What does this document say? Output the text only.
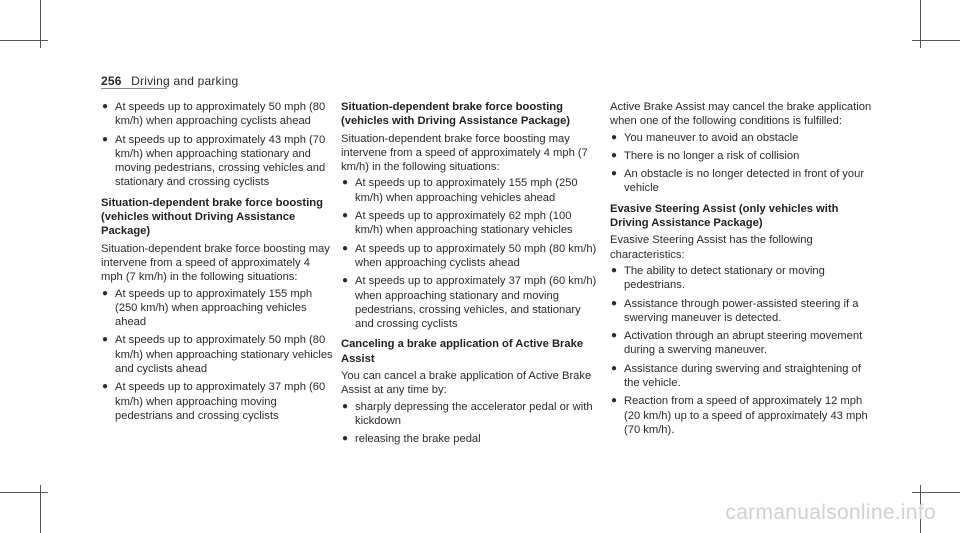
256 Driving and parking
● At speeds up to approximately 50 mph (80 km/h) when approaching cyclists ahead
● At speeds up to approximately 43 mph (70 km/h) when approaching stationary and moving pedestrians, crossing vehicles and stationary and crossing cyclists
Situation-dependent brake force boosting (vehicles without Driving Assistance Package)

Situation-dependent brake force boosting may intervene from a speed of approximately 4 mph (7 km/h) in the following situations:

● At speeds up to approximately 155 mph (250 km/h) when approaching vehicles ahead
● At speeds up to approximately 50 mph (80 km/h) when approaching stationary vehicles and cyclists ahead
● At speeds up to approximately 37 mph (60 km/h) when approaching moving pedestrians and crossing cyclists
Situation-dependent brake force boosting (vehicles with Driving Assistance Package)

Situation-dependent brake force boosting may intervene from a speed of approximately 4 mph (7 km/h) in the following situations:

● At speeds up to approximately 155 mph (250 km/h) when approaching vehicles ahead
● At speeds up to approximately 62 mph (100 km/h) when approaching stationary vehicles
● At speeds up to approximately 50 mph (80 km/h) when approaching cyclists ahead
● At speeds up to approximately 37 mph (60 km/h) when approaching stationary and moving pedestrians, crossing vehicles, and stationary and crossing cyclists
Canceling a brake application of Active Brake Assist

You can cancel a brake application of Active Brake Assist at any time by:

● sharply depressing the accelerator pedal or with kickdown
● releasing the brake pedal

Active Brake Assist may cancel the brake application when one of the following conditions is fulfilled:

● You maneuver to avoid an obstacle
● There is no longer a risk of collision
● An obstacle is no longer detected in front of your vehicle
Evasive Steering Assist (only vehicles with Driving Assistance Package)

Evasive Steering Assist has the following characteristics:

● The ability to detect stationary or moving pedestrians.
● Assistance through power-assisted steering if a swerving maneuver is detected.
● Activation through an abrupt steering movement during a swerving maneuver.
● Assistance during swerving and straightening of the vehicle.
● Reaction from a speed of approximately 12 mph (20 km/h) up to a speed of approximately 43 mph (70 km/h).
carmanualsonline.info
